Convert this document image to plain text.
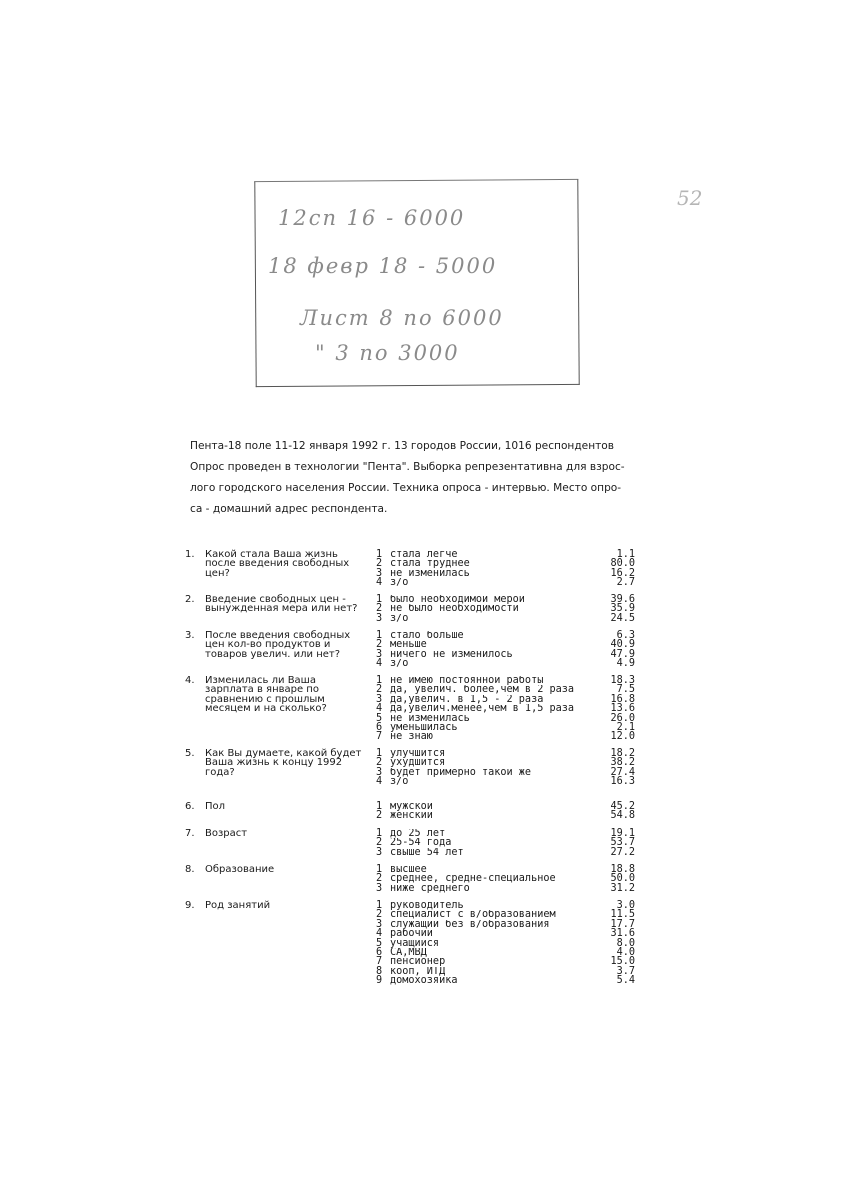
12сп 16 - 6000
18 февр 18 - 5000
Лист 8 по 6000
" 3 по 3000
52
Пента-18 поле 11-12 января 1992 г. 13 городов России, 1016 респондентов
Опрос проведен в технологии "Пента". Выборка репрезентативна для взрос-
лого городского населения России. Техника опроса - интервью. Место опро-
са - домашний адрес респондента.
1. Какой стала Ваша жизнь после введения свободных цен?
1 стала легче	1.1
2 стала труднее	80.0
3 не изменилась	16.2
4 з/о	2.7
2. Введение свободных цен - вынужденная мера или нет?
1 было необходимой мерой	39.6
2 не было необходимости	35.9
3 з/о	24.5
3. После введения свободных цен кол-во продуктов и товаров увелич. или нет?
1 стало больше	6.3
2 меньше	40.9
3 ничего не изменилось	47.9
4 з/о	4.9
4. Изменилась ли Ваша зарплата в январе по сравнению с прошлым месяцем и на сколько?
1 не имею постоянной работы	18.3
2 да, увелич. более,чем в 2 раза	7.5
3 да,увелич. в 1,5 - 2 раза	16.8
4 да,увелич.менее,чем в 1,5 раза	13.6
5 не изменилась	26.0
6 уменьшилась	2.1
7 не знаю	12.0
5. Как Вы думаете, какой будет Ваша жизнь к концу 1992 года?
1 улучшится	18.2
2 ухудшится	38.2
3 будет примерно такой же	27.4
4 з/о	16.3
6. Пол	1 мужской	45.2
2 женский	54.8
7. Возраст	1 до 25 лет	19.1
2 25-54 года	53.7
3 свыше 54 лет	27.2
8. Образование	1 высшее	18.8
2 среднее, средне-специальное	50.0
3 ниже среднего	31.2
9. Род занятий	1 руководитель	3.0
2 специалист с в/образованием	11.5
3 служащий без в/образования	17.7
4 рабочий	31.6
5 учащийся	8.0
6 СА,МВД	4.0
7 пенсионер	15.0
8 кооп, ИТД	3.7
9 домохозяйка	5.4
